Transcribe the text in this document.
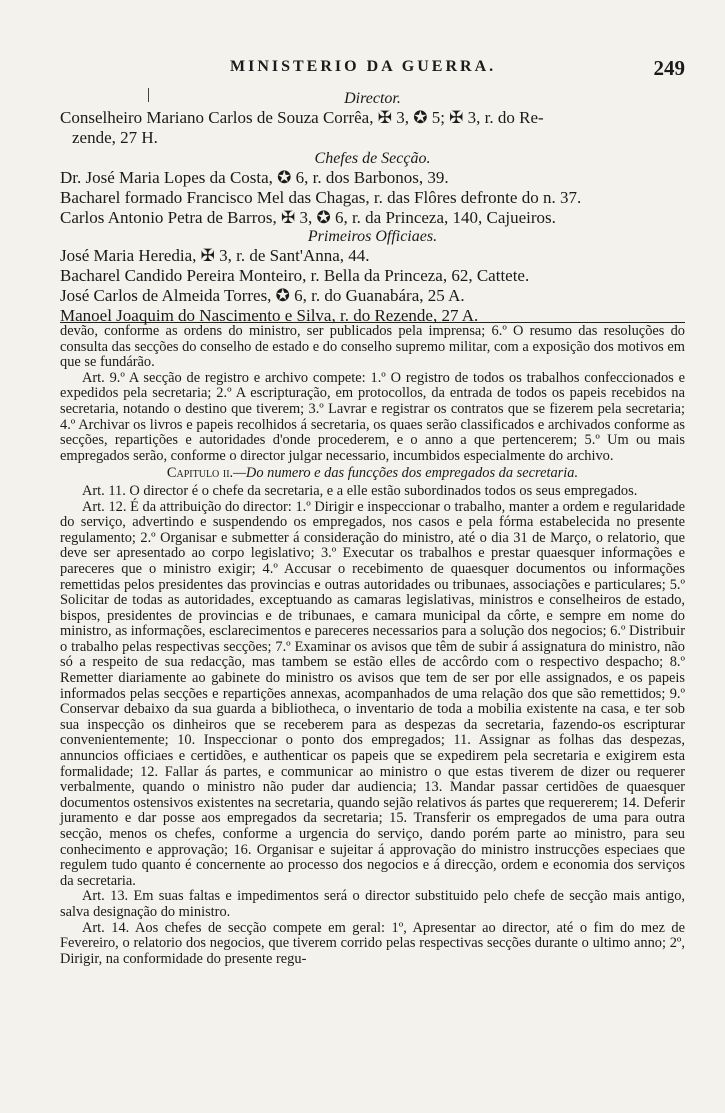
MINISTERIO DA GUERRA.	249

Director.

Conselheiro Mariano Carlos de Souza Corrêa, ✠ 3, ✪ 5; ✠ 3, r. do Re-

zende, 27 H.

Chefes de Secção.

Dr. José Maria Lopes da Costa, ✪ 6, r. dos Barbonos, 39.

Bacharel formado Francisco Mel das Chagas, r. das Flôres defronte do n. 37.

Carlos Antonio Petra de Barros, ✠ 3, ✪ 6, r. da Princeza, 140, Cajueiros.

Primeiros Officiaes.

José Maria Heredia, ✠ 3, r. de Sant'Anna, 44.

Bacharel Candido Pereira Monteiro, r. Bella da Princeza, 62, Cattete.

José Carlos de Almeida Torres, ✪ 6, r. do Guanabára, 25 A.

Manoel Joaquim do Nascimento e Silva, r. do Rezende, 27 A.

devão, conforme as ordens do ministro, ser publicados pela imprensa; 6.º O resumo das resoluções do consulta das secções do conselho de estado e do conselho supremo militar, com a exposição dos motivos em que se fundárão.

Art. 9.º A secção de registro e archivo compete: 1.º O registro de todos os trabalhos confeccionados e expedidos pela secretaria; 2.º A escripturação, em protocollos, da entrada de todos os papeis recebidos na secretaria, notando o destino que tiverem; 3.º Lavrar e registrar os contratos que se fizerem pela secretaria; 4.º Archivar os livros e papeis recolhidos á secretaria, os quaes serão classificados e archivados conforme as secções, repartições e autoridades d'onde procederem, e o anno a que pertencerem; 5.º Um ou mais empregados serão, conforme o director julgar necessario, incumbidos especialmente do archivo.

Capitulo ii.—Do numero e das funcções dos empregados da secretaria.

Art. 11. O director é o chefe da secretaria, e a elle estão subordinados todos os seus empregados.

Art. 12. É da attribuição do director: 1.º Dirigir e inspeccionar o trabalho, manter a ordem e regularidade do serviço, advertindo e suspendendo os empregados, nos casos e pela fórma estabelecida no presente regulamento; 2.º Organisar e submetter á consideração do ministro, até o dia 31 de Março, o relatorio, que deve ser apresentado ao corpo legislativo; 3.º Executar os trabalhos e prestar quaesquer informações e pareceres que o ministro exigir; 4.º Accusar o recebimento de quaesquer documentos ou informações remettidas pelos presidentes das provincias e outras autoridades ou tribunaes, associações e particulares; 5.º Solicitar de todas as autoridades, exceptuando as camaras legislativas, ministros e conselheiros de estado, bispos, presidentes de provincias e de tribunaes, e camara municipal da côrte, e sempre em nome do ministro, as informações, esclarecimentos e pareceres necessarios para a solução dos negocios; 6.º Distribuir o trabalho pelas respectivas secções; 7.º Examinar os avisos que têm de subir á assignatura do ministro, não só a respeito de sua redacção, mas tambem se estão elles de accôrdo com o respectivo despacho; 8.º Remetter diariamente ao gabinete do ministro os avisos que tem de ser por elle assignados, e os papeis informados pelas secções e repartições annexas, acompanhados de uma relação dos que são remettidos; 9.º Conservar debaixo da sua guarda a bibliotheca, o inventario de toda a mobilia existente na casa, e ter sob sua inspecção os dinheiros que se receberem para as despezas da secretaria, fazendo-os escripturar convenientemente; 10. Inspeccionar o ponto dos empregados; 11. Assignar as folhas das despezas, annuncios officiaes e certidões, e authenticar os papeis que se expedirem pela secretaria e exigirem esta formalidade; 12. Fallar ás partes, e communicar ao ministro o que estas tiverem de dizer ou requerer verbalmente, quando o ministro não puder dar audiencia; 13. Mandar passar certidões de quaesquer documentos ostensivos existentes na secretaria, quando sejão relativos ás partes que requererem; 14. Deferir juramento e dar posse aos empregados da secretaria; 15. Transferir os empregados de uma para outra secção, menos os chefes, conforme a urgencia do serviço, dando porém parte ao ministro, para seu conhecimento e approvação; 16. Organisar e sujeitar á approvação do ministro instrucções especiaes que regulem tudo quanto é concernente ao processo dos negocios e á direcção, ordem e economia dos serviços da secretaria.

Art. 13. Em suas faltas e impedimentos será o director substituido pelo chefe de secção mais antigo, salva designação do ministro.

Art. 14. Aos chefes de secção compete em geral: 1º, Apresentar ao director, até o fim do mez de Fevereiro, o relatorio dos negocios, que tiverem corrido pelas respectivas secções durante o ultimo anno; 2º, Dirigir, na conformidade do presente regu-
